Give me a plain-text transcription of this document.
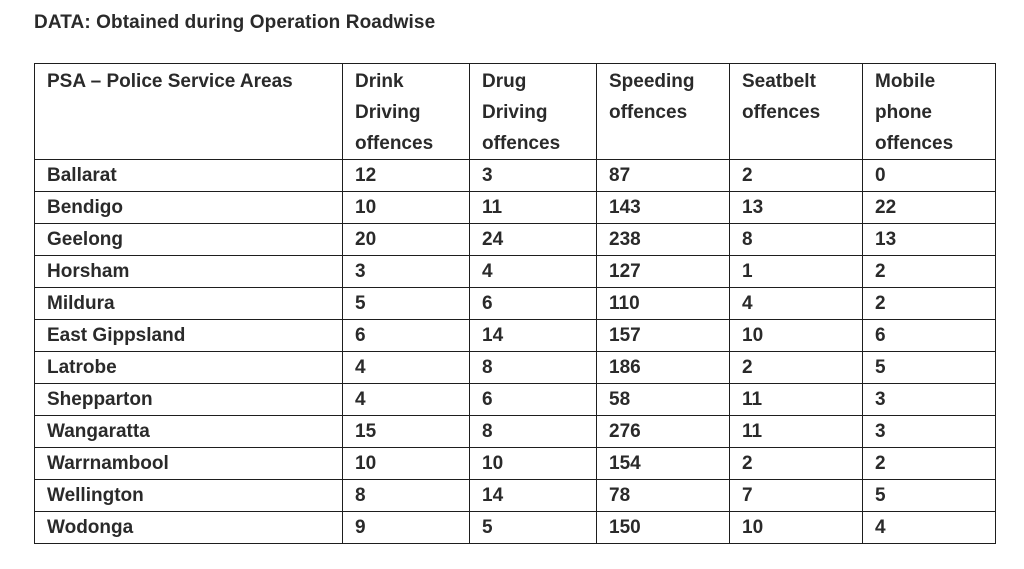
DATA: Obtained during Operation Roadwise
PSA – Police Service Areas	Drink Driving offences	Drug Driving offences	Speeding offences	Seatbelt offences	Mobile phone offences
Ballarat	12	3	87	2	0
Bendigo	10	11	143	13	22
Geelong	20	24	238	8	13
Horsham	3	4	127	1	2
Mildura	5	6	110	4	2
East Gippsland	6	14	157	10	6
Latrobe	4	8	186	2	5
Shepparton	4	6	58	11	3
Wangaratta	15	8	276	11	3
Warrnambool	10	10	154	2	2
Wellington	8	14	78	7	5
Wodonga	9	5	150	10	4
